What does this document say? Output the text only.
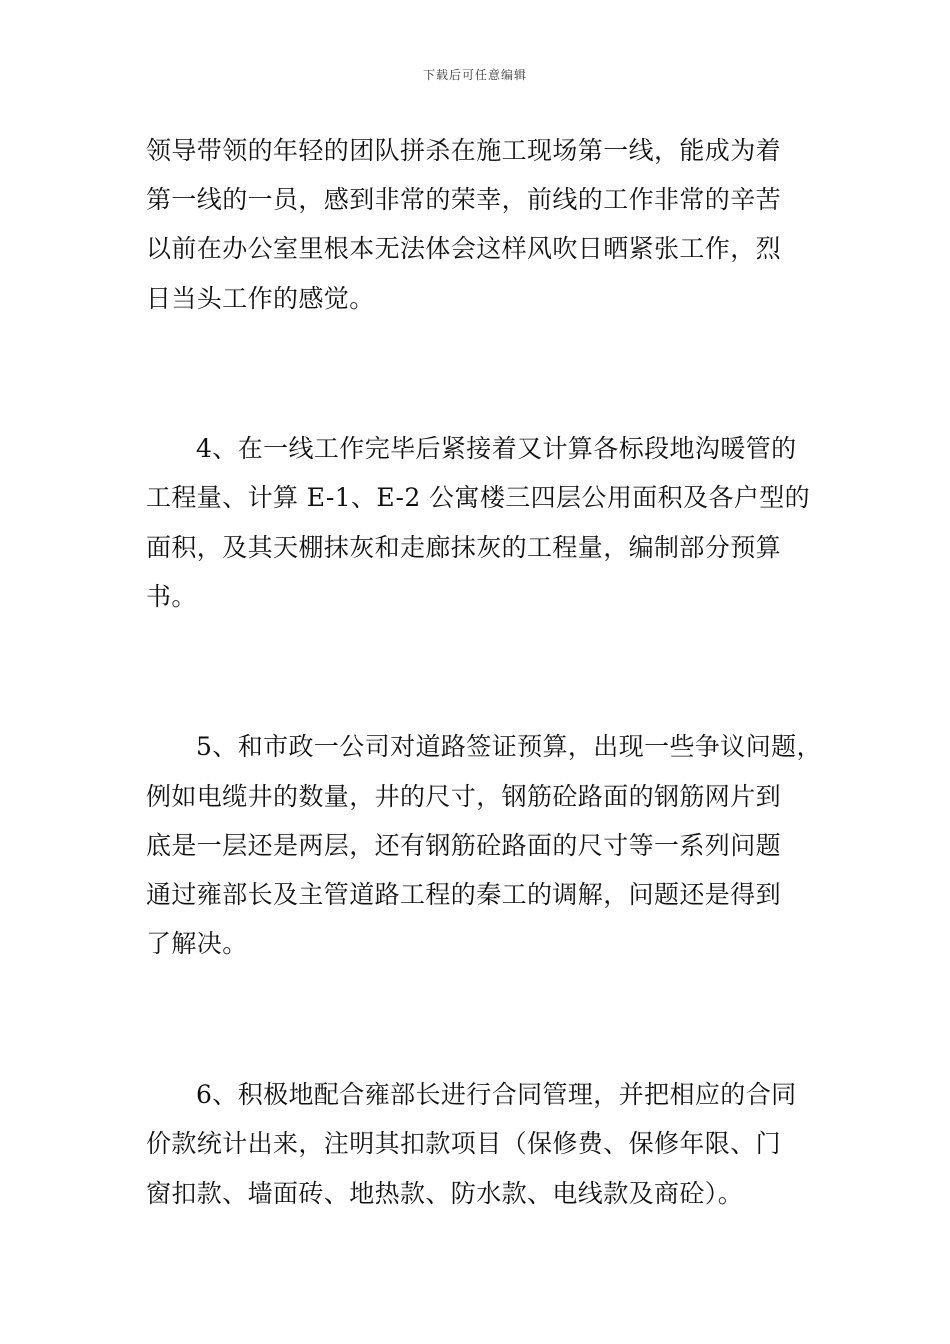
下载后可任意编辑
领导带领的年轻的团队拼杀在施工现场第一线，能成为着
第一线的一员，感到非常的荣幸，前线的工作非常的辛苦
以前在办公室里根本无法体会这样风吹日晒紧张工作，烈
日当头工作的感觉。
4、在一线工作完毕后紧接着又计算各标段地沟暖管的
工程量、计算 E-1、E-2 公寓楼三四层公用面积及各户型的
面积，及其天棚抹灰和走廊抹灰的工程量，编制部分预算
书。
5、和市政一公司对道路签证预算，出现一些争议问题，
例如电缆井的数量，井的尺寸，钢筋砼路面的钢筋网片到
底是一层还是两层，还有钢筋砼路面的尺寸等一系列问题
通过雍部长及主管道路工程的秦工的调解，问题还是得到
了解决。
6、积极地配合雍部长进行合同管理，并把相应的合同
价款统计出来，注明其扣款项目（保修费、保修年限、门
窗扣款、墙面砖、地热款、防水款、电线款及商砼）。
